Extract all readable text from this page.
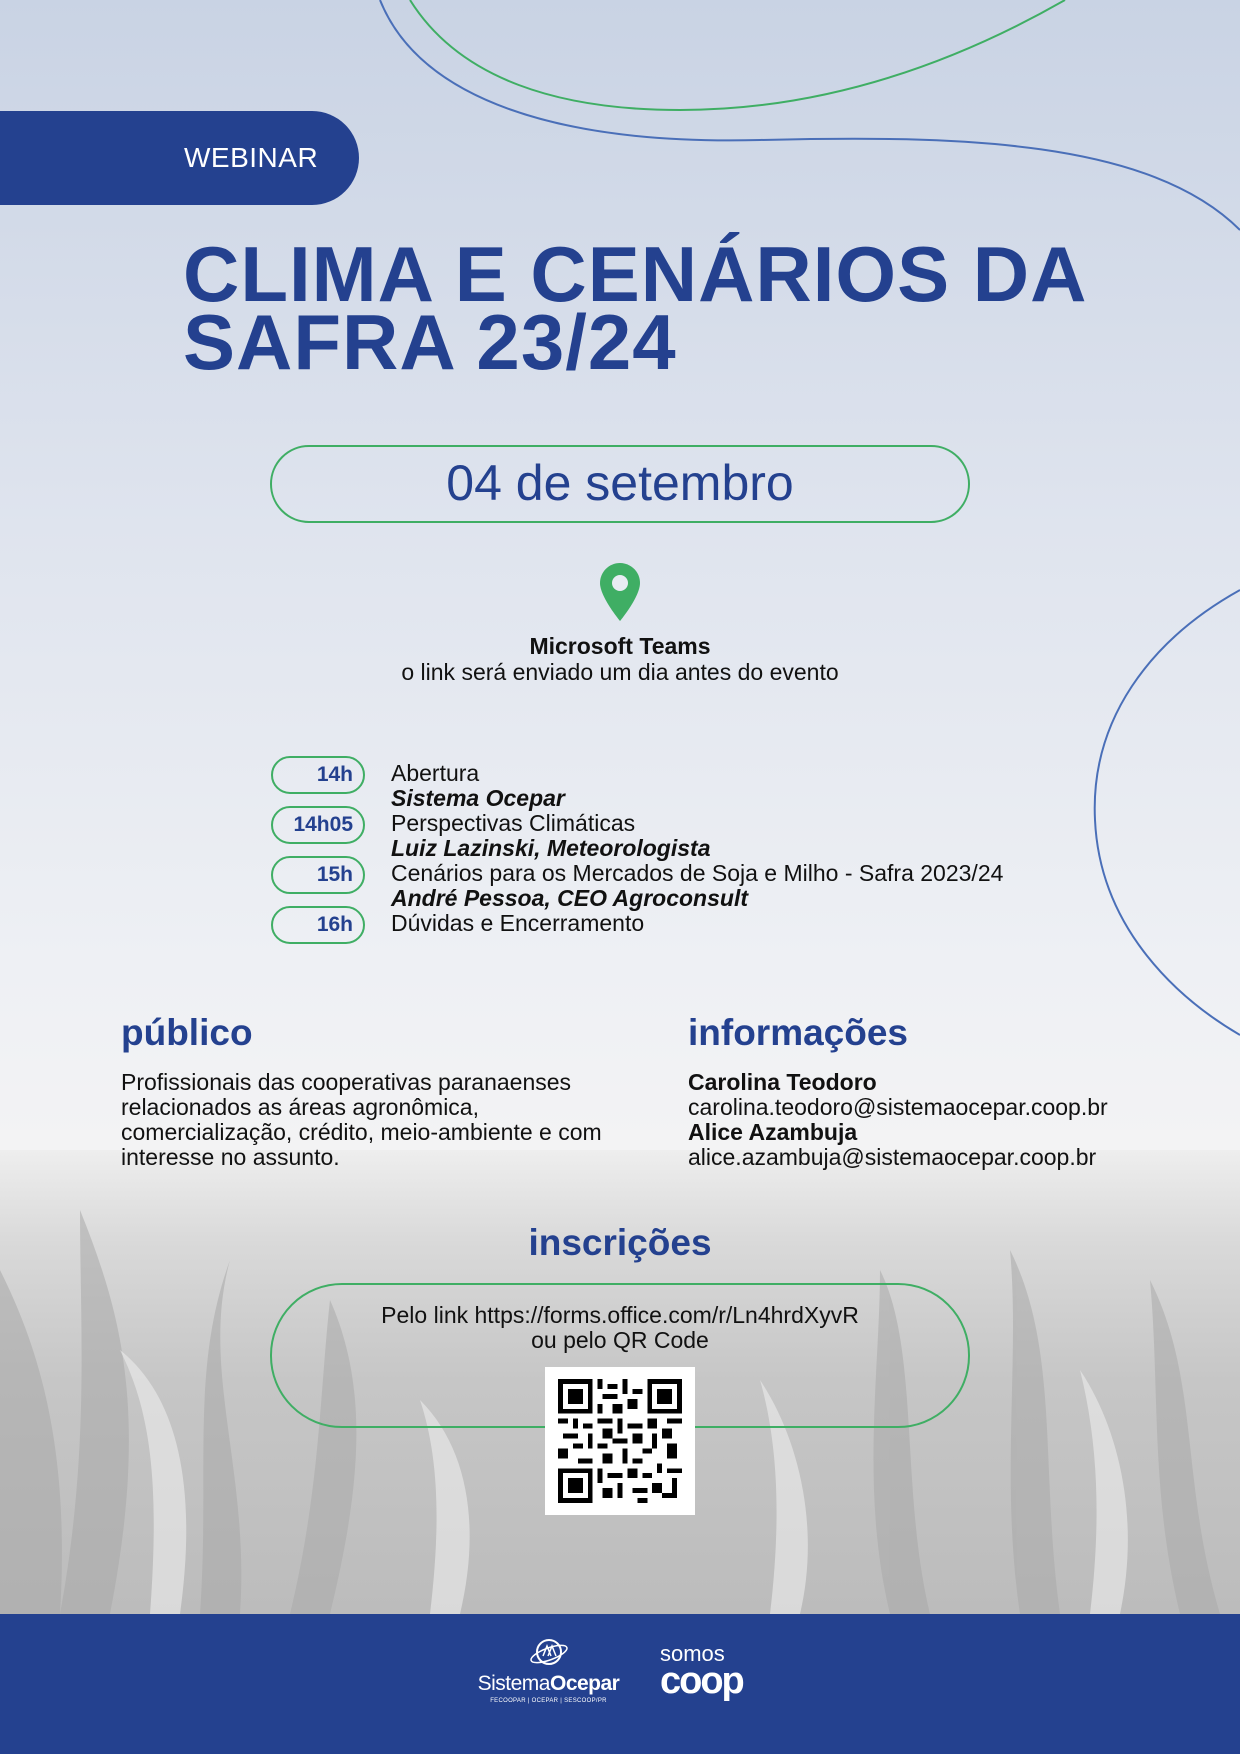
WEBINAR
CLIMA E CENÁRIOS DA SAFRA 23/24
04 de setembro
Microsoft Teams
o link será enviado um dia antes do evento
14h	Abertura
Sistema Ocepar
14h05	Perspectivas Climáticas
Luiz Lazinski, Meteorologista
15h	Cenários para os Mercados de Soja e Milho - Safra 2023/24
André Pessoa, CEO Agroconsult
16h	Dúvidas e Encerramento
público

Profissionais das cooperativas paranaenses relacionados as áreas agronômica, comercialização, crédito, meio-ambiente e com interesse no assunto.

informações
Carolina Teodoro
carolina.teodoro@sistemaocepar.coop.br
Alice Azambuja
alice.azambuja@sistemaocepar.coop.br
inscrições
Pelo link https://forms.office.com/r/Ln4hrdXyvR
ou pelo QR Code
SistemaOcepar
FECOOPAR | OCEPAR | SESCOOP/PR
somos
coop
